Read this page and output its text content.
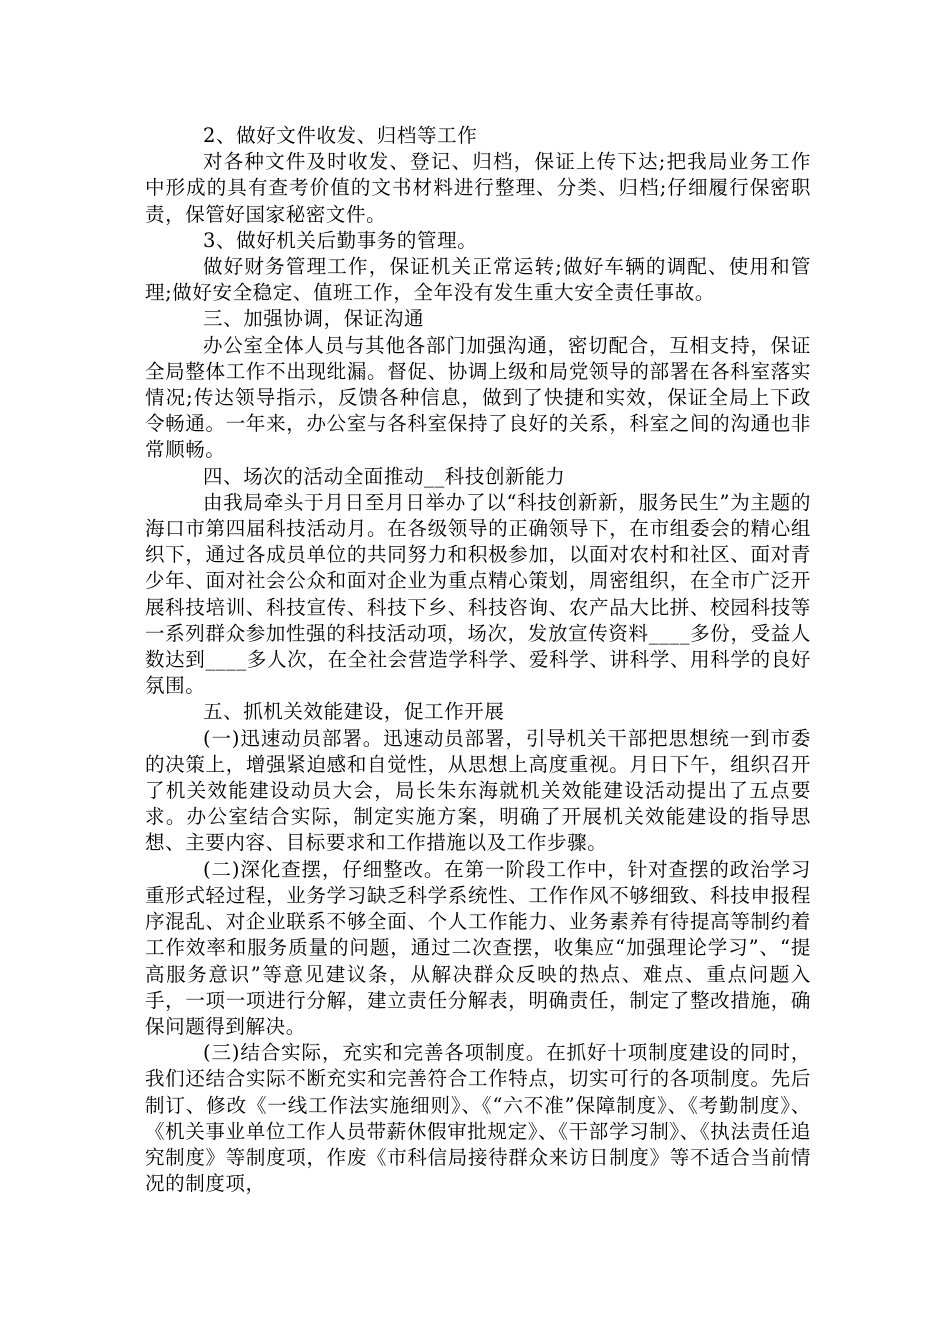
2、做好文件收发、归档等工作

对各种文件及时收发、登记、归档，保证上传下达;把我局业务工作中形成的具有查考价值的文书材料进行整理、分类、归档;仔细履行保密职责，保管好国家秘密文件。

3、做好机关后勤事务的管理。

做好财务管理工作，保证机关正常运转;做好车辆的调配、使用和管理;做好安全稳定、值班工作，全年没有发生重大安全责任事故。

三、加强协调，保证沟通

办公室全体人员与其他各部门加强沟通，密切配合，互相支持，保证全局整体工作不出现纰漏。督促、协调上级和局党领导的部署在各科室落实情况;传达领导指示，反馈各种信息，做到了快捷和实效，保证全局上下政令畅通。一年来，办公室与各科室保持了良好的关系，科室之间的沟通也非常顺畅。

四、场次的活动全面推动__科技创新能力

由我局牵头于月日至月日举办了以“科技创新新，服务民生”为主题的海口市第四届科技活动月。在各级领导的正确领导下，在市组委会的精心组织下，通过各成员单位的共同努力和积极参加，以面对农村和社区、面对青少年、面对社会公众和面对企业为重点精心策划，周密组织，在全市广泛开展科技培训、科技宣传、科技下乡、科技咨询、农产品大比拼、校园科技等一系列群众参加性强的科技活动项，场次，发放宣传资料____多份，受益人数达到____多人次，在全社会营造学科学、爱科学、讲科学、用科学的良好氛围。

五、抓机关效能建设，促工作开展

(一)迅速动员部署。迅速动员部署，引导机关干部把思想统一到市委的决策上，增强紧迫感和自觉性，从思想上高度重视。月日下午，组织召开了机关效能建设动员大会，局长朱东海就机关效能建设活动提出了五点要求。办公室结合实际，制定实施方案，明确了开展机关效能建设的指导思想、主要内容、目标要求和工作措施以及工作步骤。

(二)深化查摆，仔细整改。在第一阶段工作中，针对查摆的政治学习重形式轻过程，业务学习缺乏科学系统性、工作作风不够细致、科技申报程序混乱、对企业联系不够全面、个人工作能力、业务素养有待提高等制约着工作效率和服务质量的问题，通过二次查摆，收集应“加强理论学习”、“提高服务意识”等意见建议条，从解决群众反映的热点、难点、重点问题入手，一项一项进行分解，建立责任分解表，明确责任，制定了整改措施，确保问题得到解决。

(三)结合实际，充实和完善各项制度。在抓好十项制度建设的同时，我们还结合实际不断充实和完善符合工作特点，切实可行的各项制度。先后制订、修改《一线工作法实施细则》、《“六不准”保障制度》、《考勤制度》、《机关事业单位工作人员带薪休假审批规定》、《干部学习制》、《执法责任追究制度》等制度项，作废《市科信局接待群众来访日制度》等不适合当前情况的制度项，
